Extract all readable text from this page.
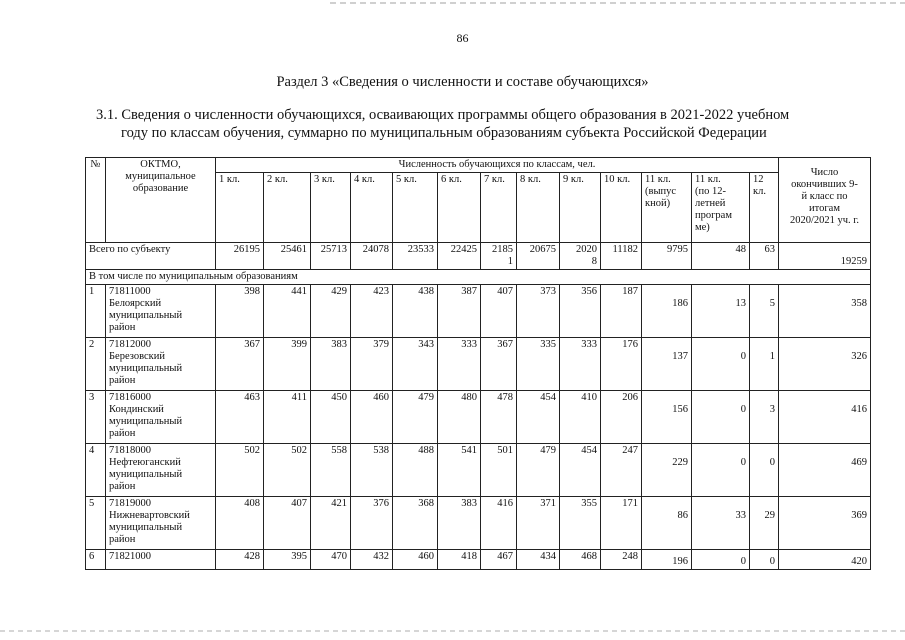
86
Раздел 3 «Сведения о численности и составе обучающихся»
3.1. Сведения о численности обучающихся, осваивающих программы общего образования в 2021-2022 учебном
году по классам обучения, суммарно по муниципальным образованиям субъекта Российской Федерации
№	ОКТМО,
муниципальное
образование	Численность обучающихся по классам, чел.													Число
окончивших 9-
й класс по
итогам
2020/2021 уч. г.
		1 кл.	2 кл.	3 кл.	4 кл.	5 кл.	6 кл.	7 кл.	8 кл.	9 кл.	10 кл.	11 кл.
(выпус
кной)	11 кл.
(по 12-
летней
програм
ме)	12
кл.	
Всего по субъекту		26195	25461	25713	24078	23533	22425	2185
1	20675	2020
8	11182	9795	48	63	19259
В том числе по муниципальным образованиям															
1	71811000
Белоярский
муниципальный
район	398	441	429	423	438	387	407	373	356	187	186	13	5	358
2	71812000
Березовский
муниципальный
район	367	399	383	379	343	333	367	335	333	176	137	0	1	326
3	71816000
Кондинский
муниципальный
район	463	411	450	460	479	480	478	454	410	206	156	0	3	416
4	71818000
Нефтеюганский
муниципальный
район	502	502	558	538	488	541	501	479	454	247	229	0	0	469
5	71819000
Нижневартовский
муниципальный
район	408	407	421	376	368	383	416	371	355	171	86	33	29	369
6	71821000	428	395	470	432	460	418	467	434	468	248	196	0	0	420
